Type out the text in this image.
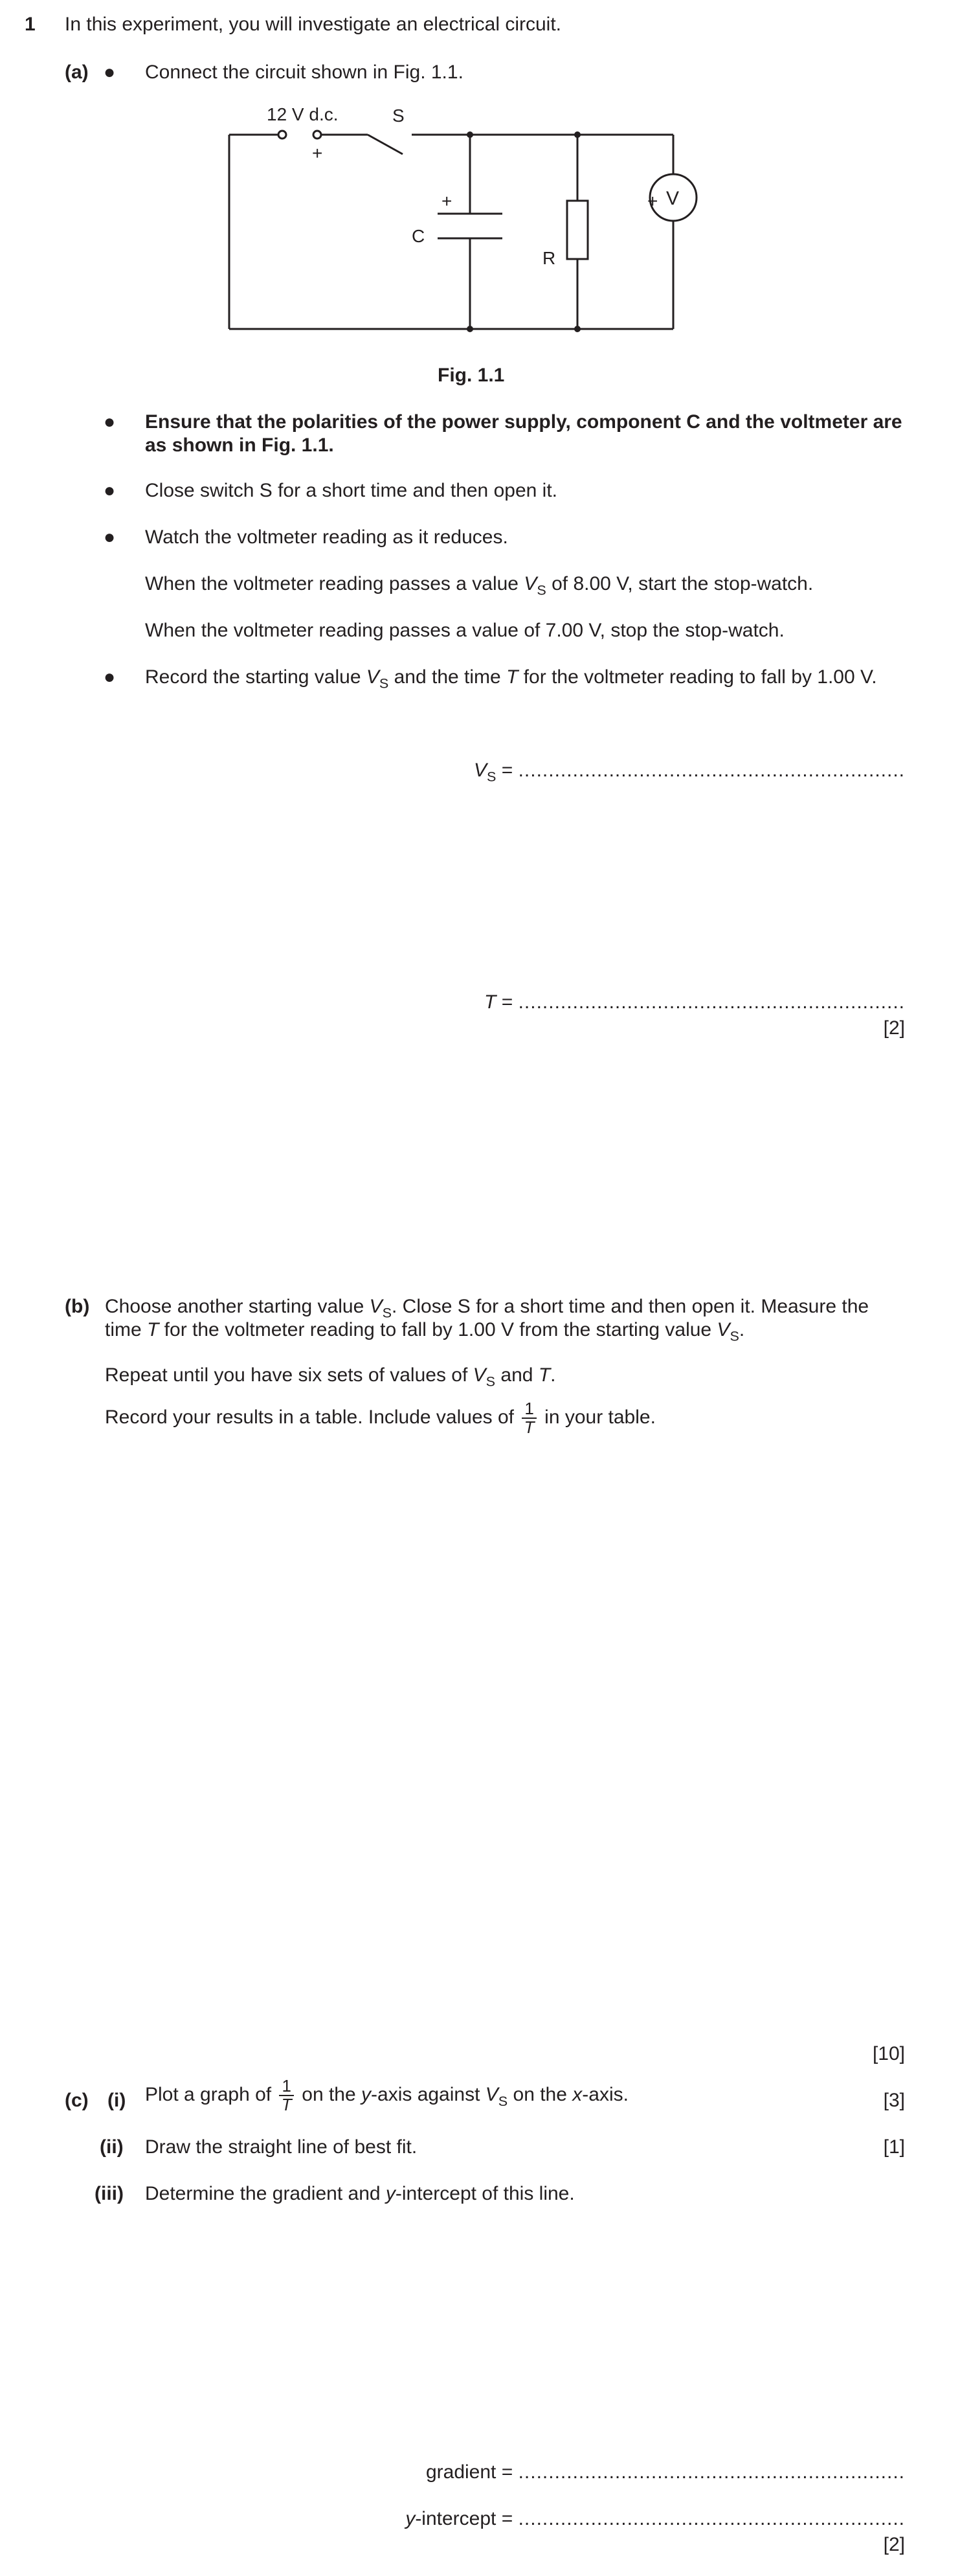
1 In this experiment, you will investigate an electrical circuit.
(a) ● Connect the circuit shown in Fig. 1.1.
12 V d.c.
+
S
+
C
R
+ V
Fig. 1.1
● Ensure that the polarities of the power supply, component C and the voltmeter are as shown in Fig. 1.1.
● Close switch S for a short time and then open it.
● Watch the voltmeter reading as it reduces.
When the voltmeter reading passes a value $V_S$ of 8.00 V, start the stop-watch.
When the voltmeter reading passes a value of 7.00 V, stop the stop-watch.
● Record the starting value $V_S$ and the time T for the voltmeter reading to fall by 1.00 V.
$V_S$ = ................................................................
T = ................................................................
[2]
(b) Choose another starting value $V_S$. Close S for a short time and then open it. Measure the
time T for the voltmeter reading to fall by 1.00 V from the starting value $V_S$.
Repeat until you have six sets of values of $V_S$ and T.
Record your results in a table. Include values of $\frac{1}{T}$ in your table.
[10]
(c) (i) Plot a graph of $\frac{1}{T}$ on the y-axis against $V_S$ on the x-axis.	[3]
(ii) Draw the straight line of best fit.	[1]
(iii) Determine the gradient and y-intercept of this line.
gradient = ................................................................
y-intercept = ................................................................
[2]
